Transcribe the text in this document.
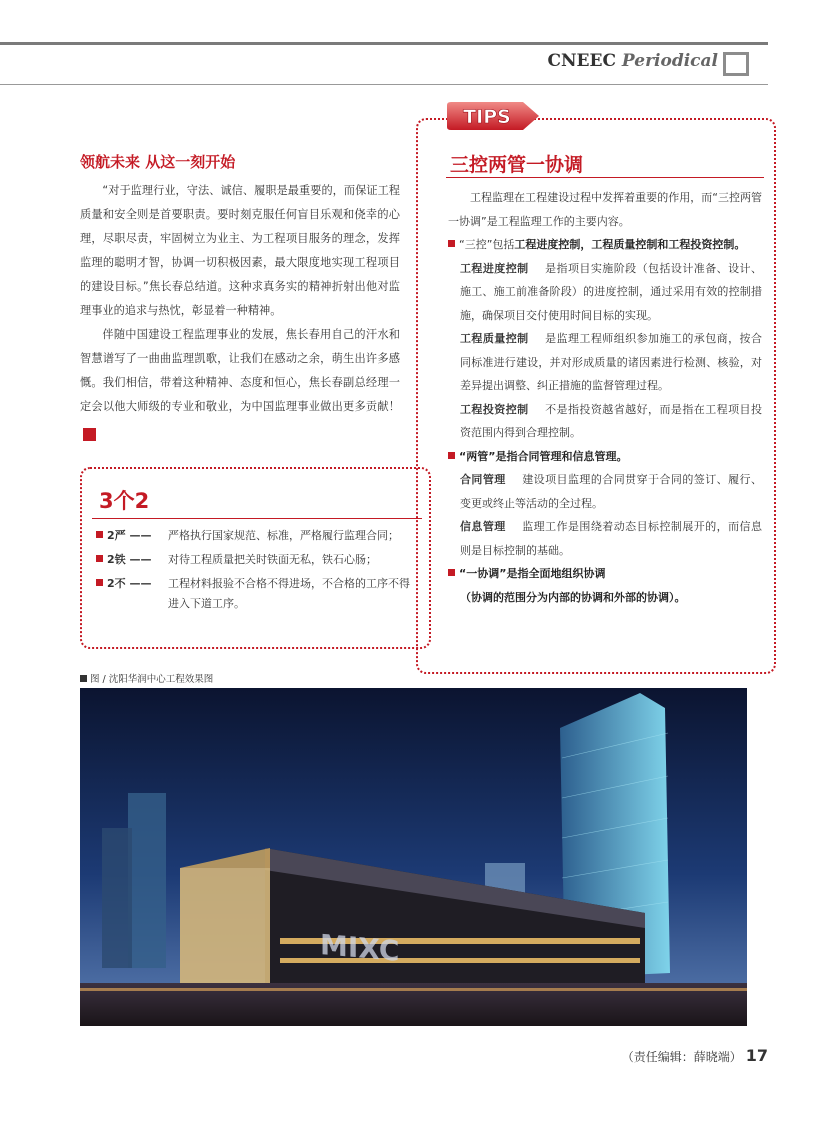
CNEEC Periodical
领航未来 从这一刻开始

“对于监理行业，守法、诚信、履职是最重要的，而保证工程质量和安全则是首要职责。要时刻克服任何盲目乐观和侥幸的心理，尽职尽责，牢固树立为业主、为工程项目服务的理念，发挥监理的聪明才智，协调一切积极因素，最大限度地实现工程项目的建设目标。”焦长春总结道。这种求真务实的精神折射出他对监理事业的追求与热忱，彰显着一种精神。

伴随中国建设工程监理事业的发展，焦长春用自己的汗水和智慧谱写了一曲曲监理凯歌，让我们在感动之余，萌生出许多感慨。我们相信，带着这种精神、态度和恒心，焦长春副总经理一定会以他大师级的专业和敬业，为中国监理事业做出更多贡献！C

3个2
2严 —— 严格执行国家规范、标准，严格履行监理合同；
2铁 —— 对待工程质量把关时铁面无私，铁石心肠；
2不 —— 工程材料报验不合格不得进场，不合格的工序不得进入下道工序。
TIPS
三控两管一协调

工程监理在工程建设过程中发挥着重要的作用，而“三控两管一协调”是工程监理工作的主要内容。

“三控”包括工程进度控制，工程质量控制和工程投资控制。

工程进度控制 是指项目实施阶段（包括设计准备、设计、施工、施工前准备阶段）的进度控制，通过采用有效的控制措施，确保项目交付使用时间目标的实现。

工程质量控制 是监理工程师组织参加施工的承包商，按合同标准进行建设，并对形成质量的诸因素进行检测、核验，对差异提出调整、纠正措施的监督管理过程。

工程投资控制 不是指投资越省越好，而是指在工程项目投资范围内得到合理控制。

“两管”是指合同管理和信息管理。

合同管理 建设项目监理的合同贯穿于合同的签订、履行、变更或终止等活动的全过程。

信息管理 监理工作是围绕着动态目标控制展开的，而信息则是目标控制的基础。

“一协调”是指全面地组织协调

（协调的范围分为内部的协调和外部的协调）。

图 / 沈阳华润中心工程效果图
MIXC
（责任编辑：薛晓端） 17
